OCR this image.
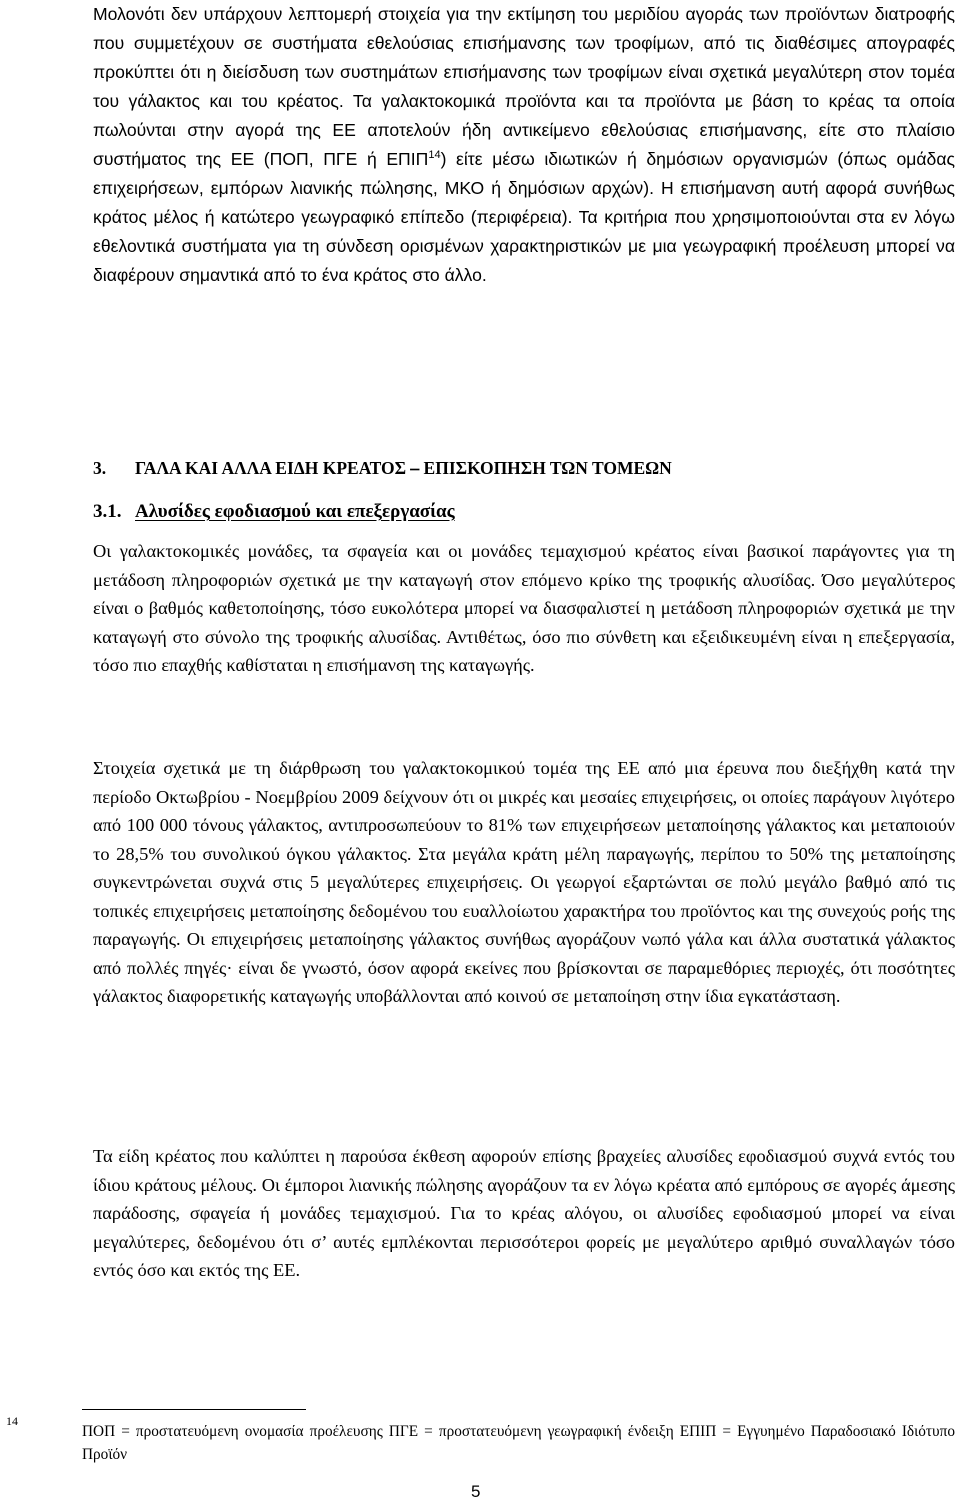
Μολονότι δεν υπάρχουν λεπτομερή στοιχεία για την εκτίμηση του μεριδίου αγοράς των προϊόντων διατροφής που συμμετέχουν σε συστήματα εθελούσιας επισήμανσης των τροφίμων, από τις διαθέσιμες απογραφές προκύπτει ότι η διείσδυση των συστημάτων επισήμανσης των τροφίμων είναι σχετικά μεγαλύτερη στον τομέα του γάλακτος και του κρέατος. Τα γαλακτοκομικά προϊόντα και τα προϊόντα με βάση το κρέας τα οποία πωλούνται στην αγορά της ΕΕ αποτελούν ήδη αντικείμενο εθελούσιας επισήμανσης, είτε στο πλαίσιο συστήματος της ΕΕ (ΠΟΠ, ΠΓΕ ή ΕΠΙΠ$^{14}$) είτε μέσω ιδιωτικών ή δημόσιων οργανισμών (όπως ομάδας επιχειρήσεων, εμπόρων λιανικής πώλησης, ΜΚΟ ή δημόσιων αρχών). Η επισήμανση αυτή αφορά συνήθως κράτος μέλος ή κατώτερο γεωγραφικό επίπεδο (περιφέρεια). Τα κριτήρια που χρησιμοποιούνται στα εν λόγω εθελοντικά συστήματα για τη σύνδεση ορισμένων χαρακτηριστικών με μια γεωγραφική προέλευση μπορεί να διαφέρουν σημαντικά από το ένα κράτος στο άλλο.

3. ΓΑΛΑ ΚΑΙ ΑΛΛΑ ΕΙΔΗ ΚΡΕΑΤΟΣ ⎯ ΕΠΙΣΚΟΠΗΣΗ ΤΩΝ ΤΟΜΕΩΝ
3.1. Αλυσίδες εφοδιασμού και επεξεργασίας

Οι γαλακτοκομικές μονάδες, τα σφαγεία και οι μονάδες τεμαχισμού κρέατος είναι βασικοί παράγοντες για τη μετάδοση πληροφοριών σχετικά με την καταγωγή στον επόμενο κρίκο της τροφικής αλυσίδας. Όσο μεγαλύτερος είναι ο βαθμός καθετοποίησης, τόσο ευκολότερα μπορεί να διασφαλιστεί η μετάδοση πληροφοριών σχετικά με την καταγωγή στο σύνολο της τροφικής αλυσίδας. Αντιθέτως, όσο πιο σύνθετη και εξειδικευμένη είναι η επεξεργασία, τόσο πιο επαχθής καθίσταται η επισήμανση της καταγωγής.

Στοιχεία σχετικά με τη διάρθρωση του γαλακτοκομικού τομέα της ΕΕ από μια έρευνα που διεξήχθη κατά την περίοδο Οκτωβρίου - Νοεμβρίου 2009 δείχνουν ότι οι μικρές και μεσαίες επιχειρήσεις, οι οποίες παράγουν λιγότερο από 100 000 τόνους γάλακτος, αντιπροσωπεύουν το 81% των επιχειρήσεων μεταποίησης γάλακτος και μεταποιούν το 28,5% του συνολικού όγκου γάλακτος. Στα μεγάλα κράτη μέλη παραγωγής, περίπου το 50% της μεταποίησης συγκεντρώνεται συχνά στις 5 μεγαλύτερες επιχειρήσεις. Οι γεωργοί εξαρτώνται σε πολύ μεγάλο βαθμό από τις τοπικές επιχειρήσεις μεταποίησης δεδομένου του ευαλλοίωτου χαρακτήρα του προϊόντος και της συνεχούς ροής της παραγωγής. Οι επιχειρήσεις μεταποίησης γάλακτος συνήθως αγοράζουν νωπό γάλα και άλλα συστατικά γάλακτος από πολλές πηγές· είναι δε γνωστό, όσον αφορά εκείνες που βρίσκονται σε παραμεθόριες περιοχές, ότι ποσότητες γάλακτος διαφορετικής καταγωγής υποβάλλονται από κοινού σε μεταποίηση στην ίδια εγκατάσταση.

Τα είδη κρέατος που καλύπτει η παρούσα έκθεση αφορούν επίσης βραχείες αλυσίδες εφοδιασμού συχνά εντός του ίδιου κράτους μέλους. Οι έμποροι λιανικής πώλησης αγοράζουν τα εν λόγω κρέατα από εμπόρους σε αγορές άμεσης παράδοσης, σφαγεία ή μονάδες τεμαχισμού. Για το κρέας αλόγου, οι αλυσίδες εφοδιασμού μπορεί να είναι μεγαλύτερες, δεδομένου ότι σ’ αυτές εμπλέκονται περισσότεροι φορείς με μεγαλύτερο αριθμό συναλλαγών τόσο εντός όσο και εκτός της ΕΕ.

14

ΠΟΠ = προστατευόμενη ονομασία προέλευσης ΠΓΕ = προστατευόμενη γεωγραφική ένδειξη ΕΠΙΠ = Εγγυημένο Παραδοσιακό Ιδιότυπο Προϊόν

5
